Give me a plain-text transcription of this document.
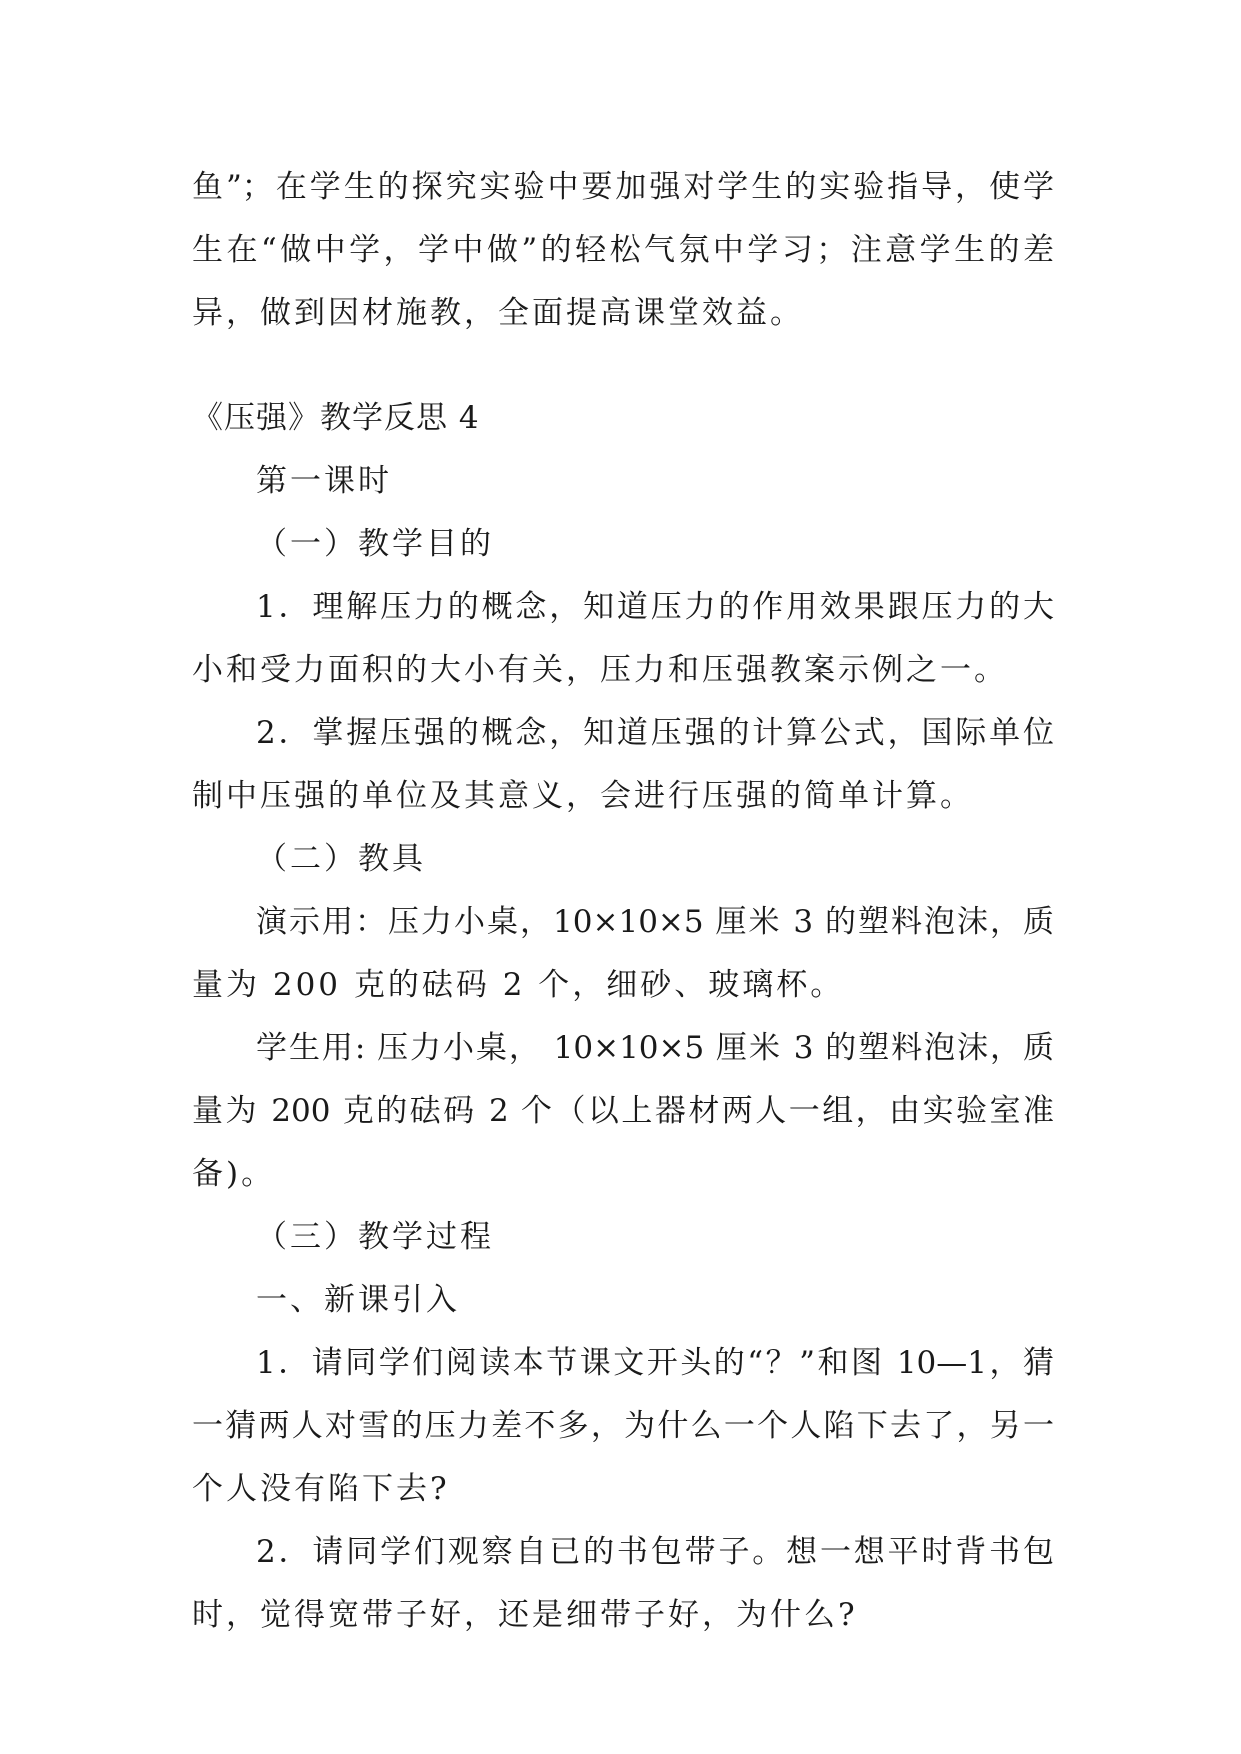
鱼”；在学生的探究实验中要加强对学生的实验指导，使学
生在“做中学，学中做”的轻松气氛中学习；注意学生的差
异，做到因材施教，全面提高课堂效益。
《压强》教学反思 4
第一课时
（一）教学目的
1．理解压力的概念，知道压力的作用效果跟压力的大
小和受力面积的大小有关，压力和压强教案示例之一。
2．掌握压强的概念，知道压强的计算公式，国际单位
制中压强的单位及其意义，会进行压强的简单计算。
（二）教具
演示用：压力小桌，10×10×5 厘米 3 的塑料泡沫，质
量为 200 克的砝码 2 个，细砂、玻璃杯。
学生用: 压力小桌， 10×10×5 厘米 3 的塑料泡沫，质
量为 200 克的砝码 2 个（以上器材两人一组，由实验室准
备)。
（三）教学过程
一、新课引入
1．请同学们阅读本节课文开头的“？”和图 10—1，猜
一猜两人对雪的压力差不多，为什么一个人陷下去了，另一
个人没有陷下去?
2．请同学们观察自已的书包带子。想一想平时背书包
时，觉得宽带子好，还是细带子好，为什么?
